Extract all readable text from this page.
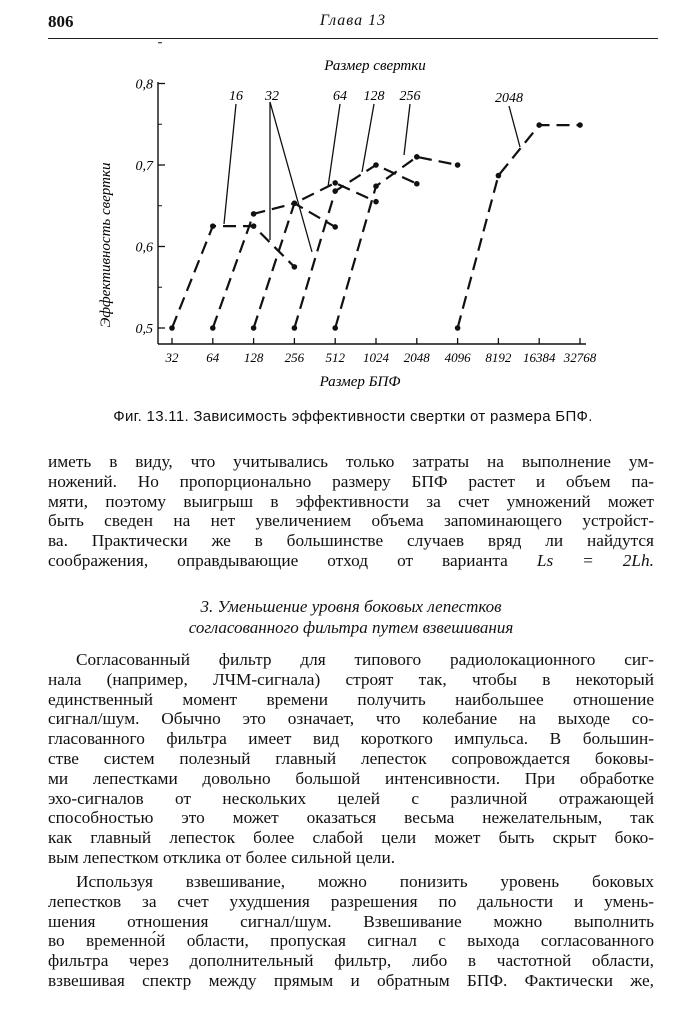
806	Глава 13
0,5
0,6
0,7
0,8
32 64 128 256 512 1024 2048 4096 8192 16384 32768
Эффективность свертки
Размер БПФ
Размер свертки
16 32	64 128 256	2048
Фиг. 13.11. Зависимость эффективности свертки от размера БПФ.
иметь в виду, что учитывались только затраты на выполнение ум-
ножений. Но пропорционально размеру БПФ растет и объем па-
мяти, поэтому выигрыш в эффективности за счет умножений может
быть сведен на нет увеличением объема запоминающего устройст-
ва. Практически же в большинстве случаев вряд ли найдутся
соображения, оправдывающие отход от варианта Ls = 2Lh.
3. Уменьшение уровня боковых лепестков
согласованного фильтра путем взвешивания
Согласованный фильтр для типового радиолокационного сиг-
нала (например, ЛЧМ-сигнала) строят так, чтобы в некоторый
единственный момент времени получить наибольшее отношение
сигнал/шум. Обычно это означает, что колебание на выходе со-
гласованного фильтра имеет вид короткого импульса. В большин-
стве систем полезный главный лепесток сопровождается боковы-
ми лепестками довольно большой интенсивности. При обработке
эхо-сигналов от нескольких целей с различной отражающей
способностью это может оказаться весьма нежелательным, так
как главный лепесток более слабой цели может быть скрыт боко-
вым лепестком отклика от более сильной цели.
Используя взвешивание, можно понизить уровень боковых
лепестков за счет ухудшения разрешения по дальности и умень-
шения отношения сигнал/шум. Взвешивание можно выполнить
во временно́й области, пропуская сигнал с выхода согласованного
фильтра через дополнительный фильтр, либо в частотной области,
взвешивая спектр между прямым и обратным БПФ. Фактически же,
